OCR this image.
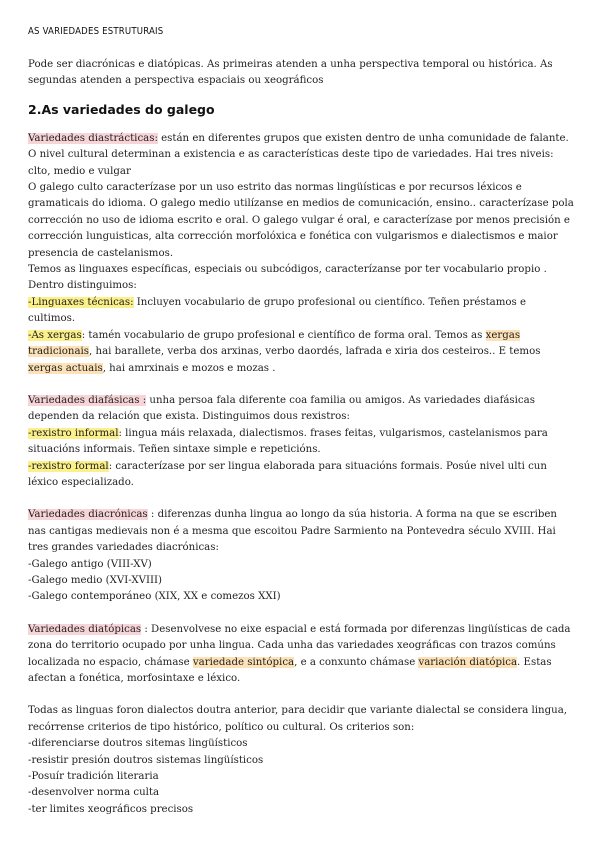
AS VARIEDADES ESTRUTURAIS

Pode ser diacrónicas e diatópicas. As primeiras atenden a unha perspectiva temporal ou histórica. As segundas atenden a perspectiva espaciais ou xeográficos

2.As variedades do galego

Variedades diastrácticas: están en diferentes grupos que existen dentro de unha comunidade de falante. O nivel cultural determinan a existencia e as características deste tipo de variedades. Hai tres niveis: clto, medio e vulgar

O galego culto caracterízase por un uso estrito das normas lingüísticas e por recursos léxicos e gramaticais do idioma. O galego medio utilízanse en medios de comunicación, ensino.. caracterízase pola corrección no uso de idioma escrito e oral. O galego vulgar é oral, e caracterízase por menos precisión e corrección lunguisticas, alta corrección morfolóxica e fonética con vulgarismos e dialectismos e maior presencia de castelanismos.

Temos as linguaxes específicas, especiais ou subcódigos, caracterízanse por ter vocabulario propio . Dentro distinguimos:

-Linguaxes técnicas: Incluyen vocabulario de grupo profesional ou científico. Teñen préstamos e cultimos.

-As xergas: tamén vocabulario de grupo profesional e científico de forma oral. Temos as xergas tradicionais, hai barallete, verba dos arxinas, verbo daordés, lafrada e xiria dos cesteiros.. E temos xergas actuais, hai amrxinais e mozos e mozas .

Variedades diafásicas : unha persoa fala diferente coa familia ou amigos. As variedades diafásicas dependen da relación que exista. Distinguimos dous rexistros:

-rexistro informal: lingua máis relaxada, dialectismos. frases feitas, vulgarismos, castelanismos para situacións informais. Teñen sintaxe simple e repeticións.

-rexistro formal: caracterízase por ser lingua elaborada para situacións formais. Posúe nivel ulti cun léxico especializado.

Variedades diacrónicas : diferenzas dunha lingua ao longo da súa historia. A forma na que se escriben nas cantigas medievais non é a mesma que escoitou Padre Sarmiento na Pontevedra século XVIII. Hai tres grandes variedades diacrónicas:

-Galego antigo (VIII-XV)
-Galego medio (XVI-XVIII)
-Galego contemporáneo (XIX, XX e comezos XXI)

Variedades diatópicas : Desenvolvese no eixe espacial e está formada por diferenzas lingüísticas de cada zona do territorio ocupado por unha lingua. Cada unha das variedades xeográficas con trazos comúns localizada no espacio, chámase variedade sintópica, e a conxunto chámase variación diatópica. Estas afectan a fonética, morfosintaxe e léxico.

Todas as linguas foron dialectos doutra anterior, para decidir que variante dialectal se considera lingua, recórrense criterios de tipo histórico, político ou cultural. Os criterios son:

-diferenciarse doutros sitemas lingüísticos
-resistir presión doutros sistemas lingüísticos
-Posuír tradición literaria
-desenvolver norma culta
-ter limites xeográficos precisos
